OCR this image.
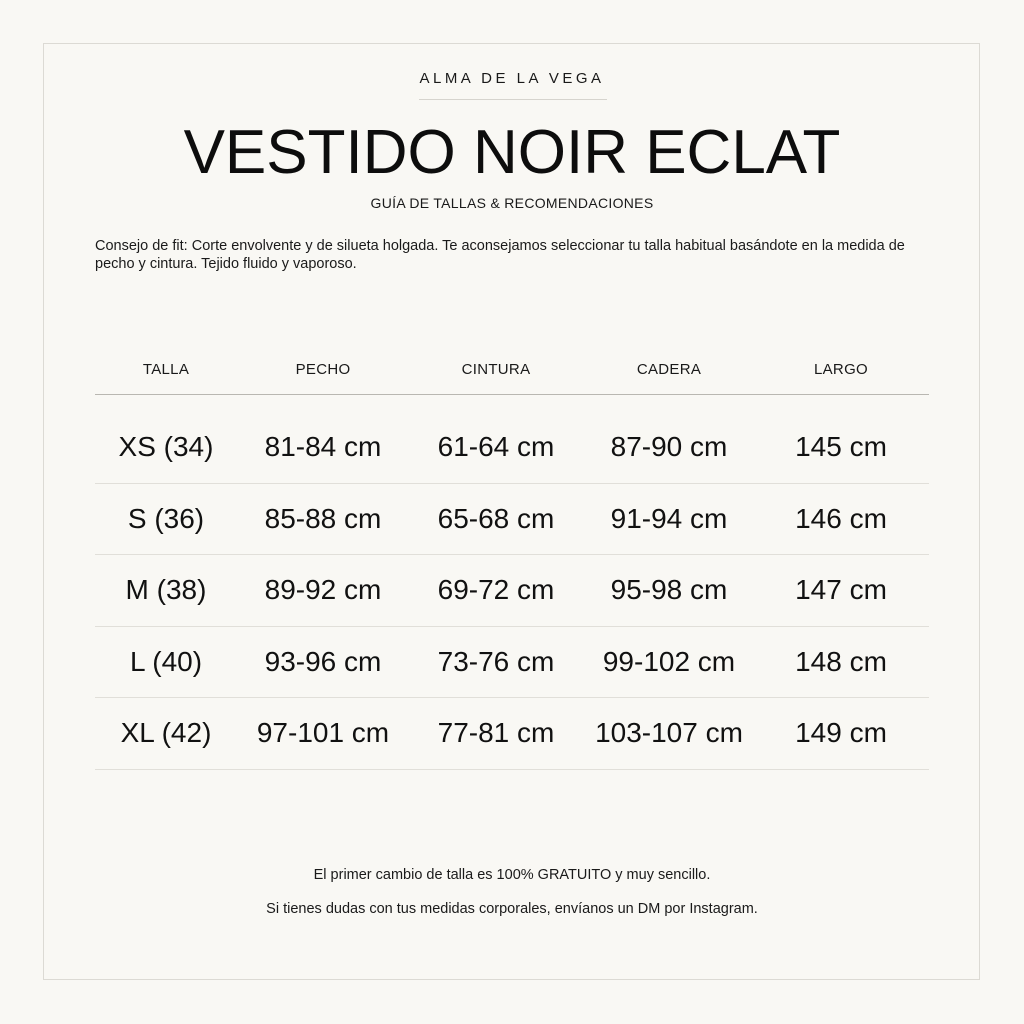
ALMA DE LA VEGA
VESTIDO NOIR ECLAT
GUÍA DE TALLAS & RECOMENDACIONES
Consejo de fit: Corte envolvente y de silueta holgada. Te aconsejamos seleccionar tu talla habitual basándote en la medida de pecho y cintura. Tejido fluido y vaporoso.
TALLA	PECHO	CINTURA	CADERA	LARGO
XS (34)	81-84 cm	61-64 cm	87-90 cm	145 cm
S (36)	85-88 cm	65-68 cm	91-94 cm	146 cm
M (38)	89-92 cm	69-72 cm	95-98 cm	147 cm
L (40)	93-96 cm	73-76 cm	99-102 cm	148 cm
XL (42)	97-101 cm	77-81 cm	103-107 cm	149 cm
El primer cambio de talla es 100% GRATUITO y muy sencillo.
Si tienes dudas con tus medidas corporales, envíanos un DM por Instagram.
